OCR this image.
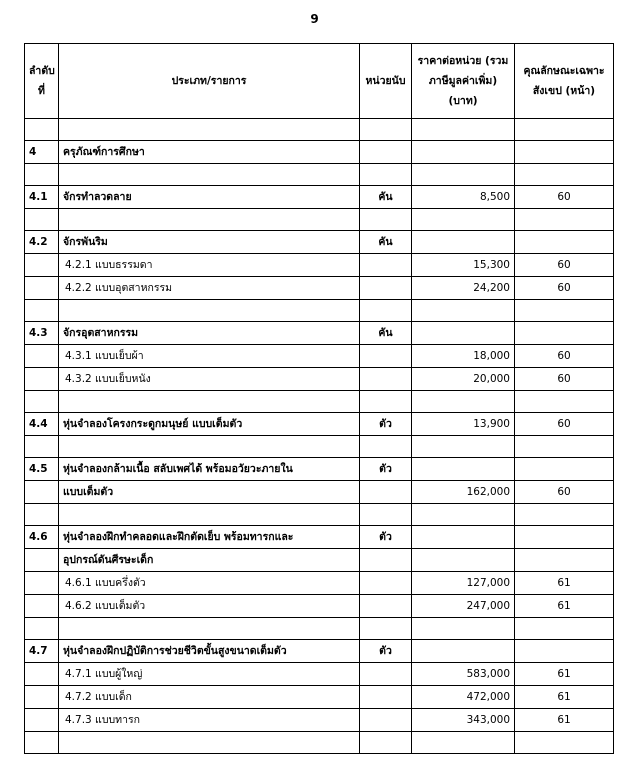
9
ลำดับที่	ประเภท/รายการ	หน่วยนับ	ราคาต่อหน่วย (รวมภาษีมูลค่าเพิ่ม) (บาท)	คุณลักษณะเฉพาะ สังเขป (หน้า)

4	ครุภัณฑ์การศึกษา			

4.1	จักรทำลวดลาย	คัน	8,500	60

4.2	จักรพันริม	คัน		
	4.2.1 แบบธรรมดา		15,300	60
	4.2.2 แบบอุตสาหกรรม		24,200	60

4.3	จักรอุตสาหกรรม	คัน		
	4.3.1 แบบเย็บผ้า		18,000	60
	4.3.2 แบบเย็บหนัง		20,000	60

4.4	หุ่นจำลองโครงกระดูกมนุษย์ แบบเต็มตัว	ตัว	13,900	60

4.5	หุ่นจำลองกล้ามเนื้อ สลับเพศได้ พร้อมอวัยวะภายใน	ตัว		
	แบบเต็มตัว		162,000	60

4.6	หุ่นจำลองฝึกทำคลอดและฝึกตัดเย็บ พร้อมทารกและ	ตัว		
	อุปกรณ์ดันศีรษะเด็ก			
	4.6.1 แบบครึ่งตัว		127,000	61
	4.6.2 แบบเต็มตัว		247,000	61

4.7	หุ่นจำลองฝึกปฏิบัติการช่วยชีวิตขั้นสูงขนาดเต็มตัว	ตัว		
	4.7.1 แบบผู้ใหญ่		583,000	61
	4.7.2 แบบเด็ก		472,000	61
	4.7.3 แบบทารก		343,000	61
